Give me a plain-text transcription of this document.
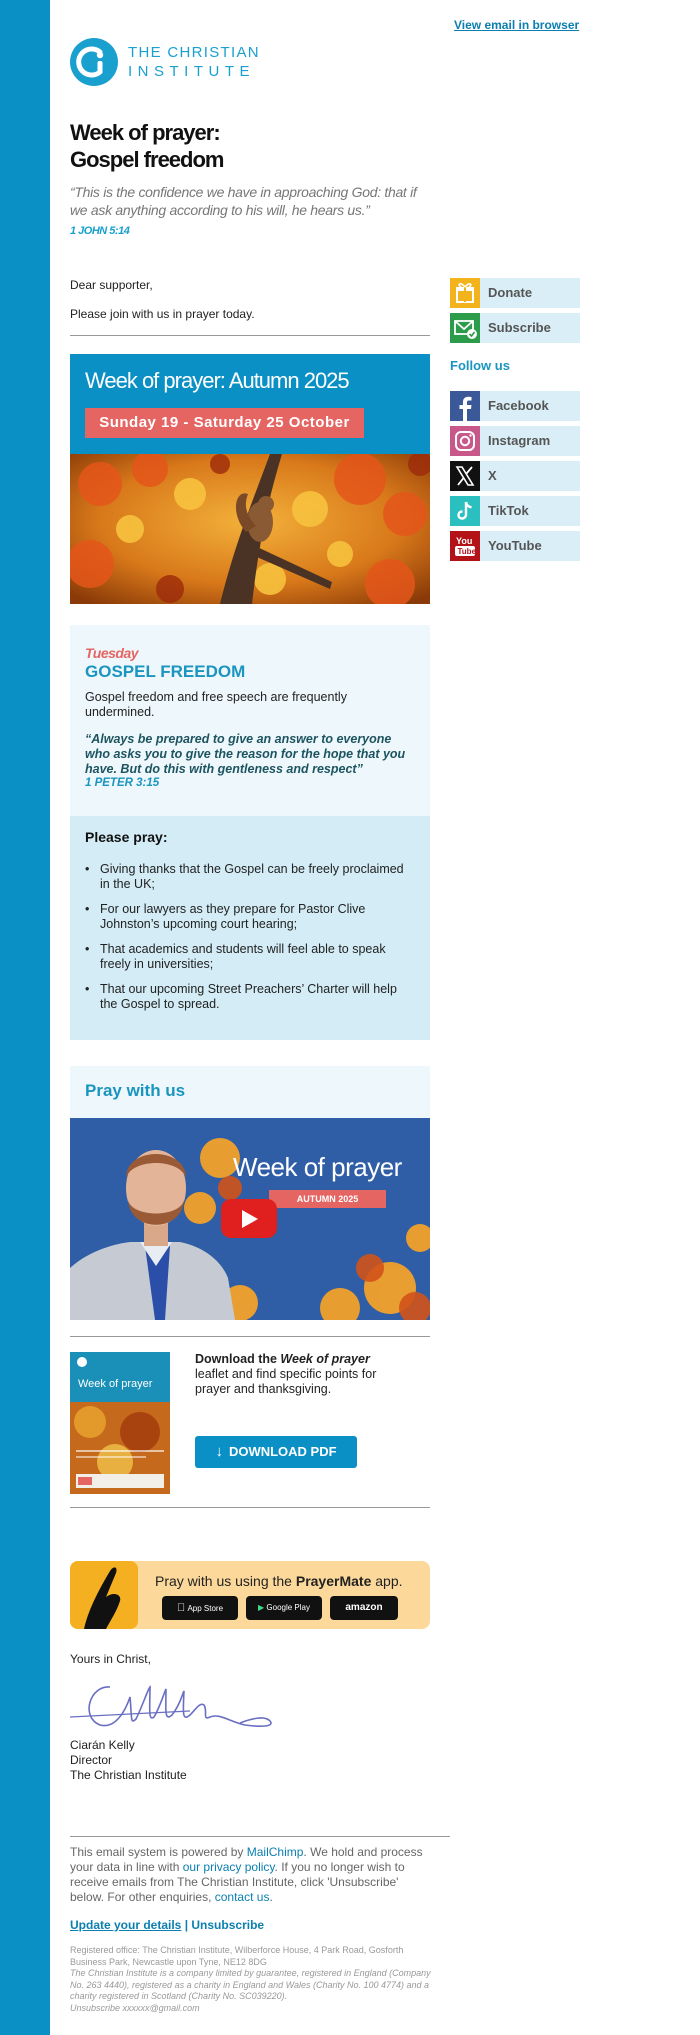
View email in browser
THE CHRISTIAN
INSTITUTE
Week of prayer:
Gospel freedom
“This is the confidence we have in approaching God: that if we ask anything according to his will, he hears us.”
1 JOHN 5:14
Dear supporter,
Please join with us in prayer today.
Week of prayer: Autumn 2025
Sunday 19 - Saturday 25 October
Tuesday
GOSPEL FREEDOM
Gospel freedom and free speech are frequently undermined.
“Always be prepared to give an answer to everyone who asks you to give the reason for the hope that you have. But do this with gentleness and respect”
1 PETER 3:15
Please pray:
• Giving thanks that the Gospel can be freely proclaimed in the UK;
• For our lawyers as they prepare for Pastor Clive Johnston’s upcoming court hearing;
• That academics and students will feel able to speak freely in universities;
• That our upcoming Street Preachers’ Charter will help the Gospel to spread.
Pray with us
Week of prayer
AUTUMN 2025
Week of prayer
Download the Week of prayer leaflet and find specific points for prayer and thanksgiving.
↓ DOWNLOAD PDF
Pray with us using the PrayerMate app.
App Store	▶ Google Play	amazon
Yours in Christ,
Ciarán Kelly
Director
The Christian Institute
This email system is powered by MailChimp. We hold and process your data in line with our privacy policy. If you no longer wish to receive emails from The Christian Institute, click 'Unsubscribe' below. For other enquiries, contact us.
Update your details | Unsubscribe
Registered office: The Christian Institute, Wilberforce House, 4 Park Road, Gosforth Business Park, Newcastle upon Tyne, NE12 8DG
The Christian Institute is a company limited by guarantee, registered in England (Company No. 263 4440), registered as a charity in England and Wales (Charity No. 100 4774) and a charity registered in Scotland (Charity No. SC039220).
Unsubscribe xxxxxx@gmail.com
Donate
Subscribe
Follow us
Facebook
Instagram
X
TikTok
You
Tube YouTube
